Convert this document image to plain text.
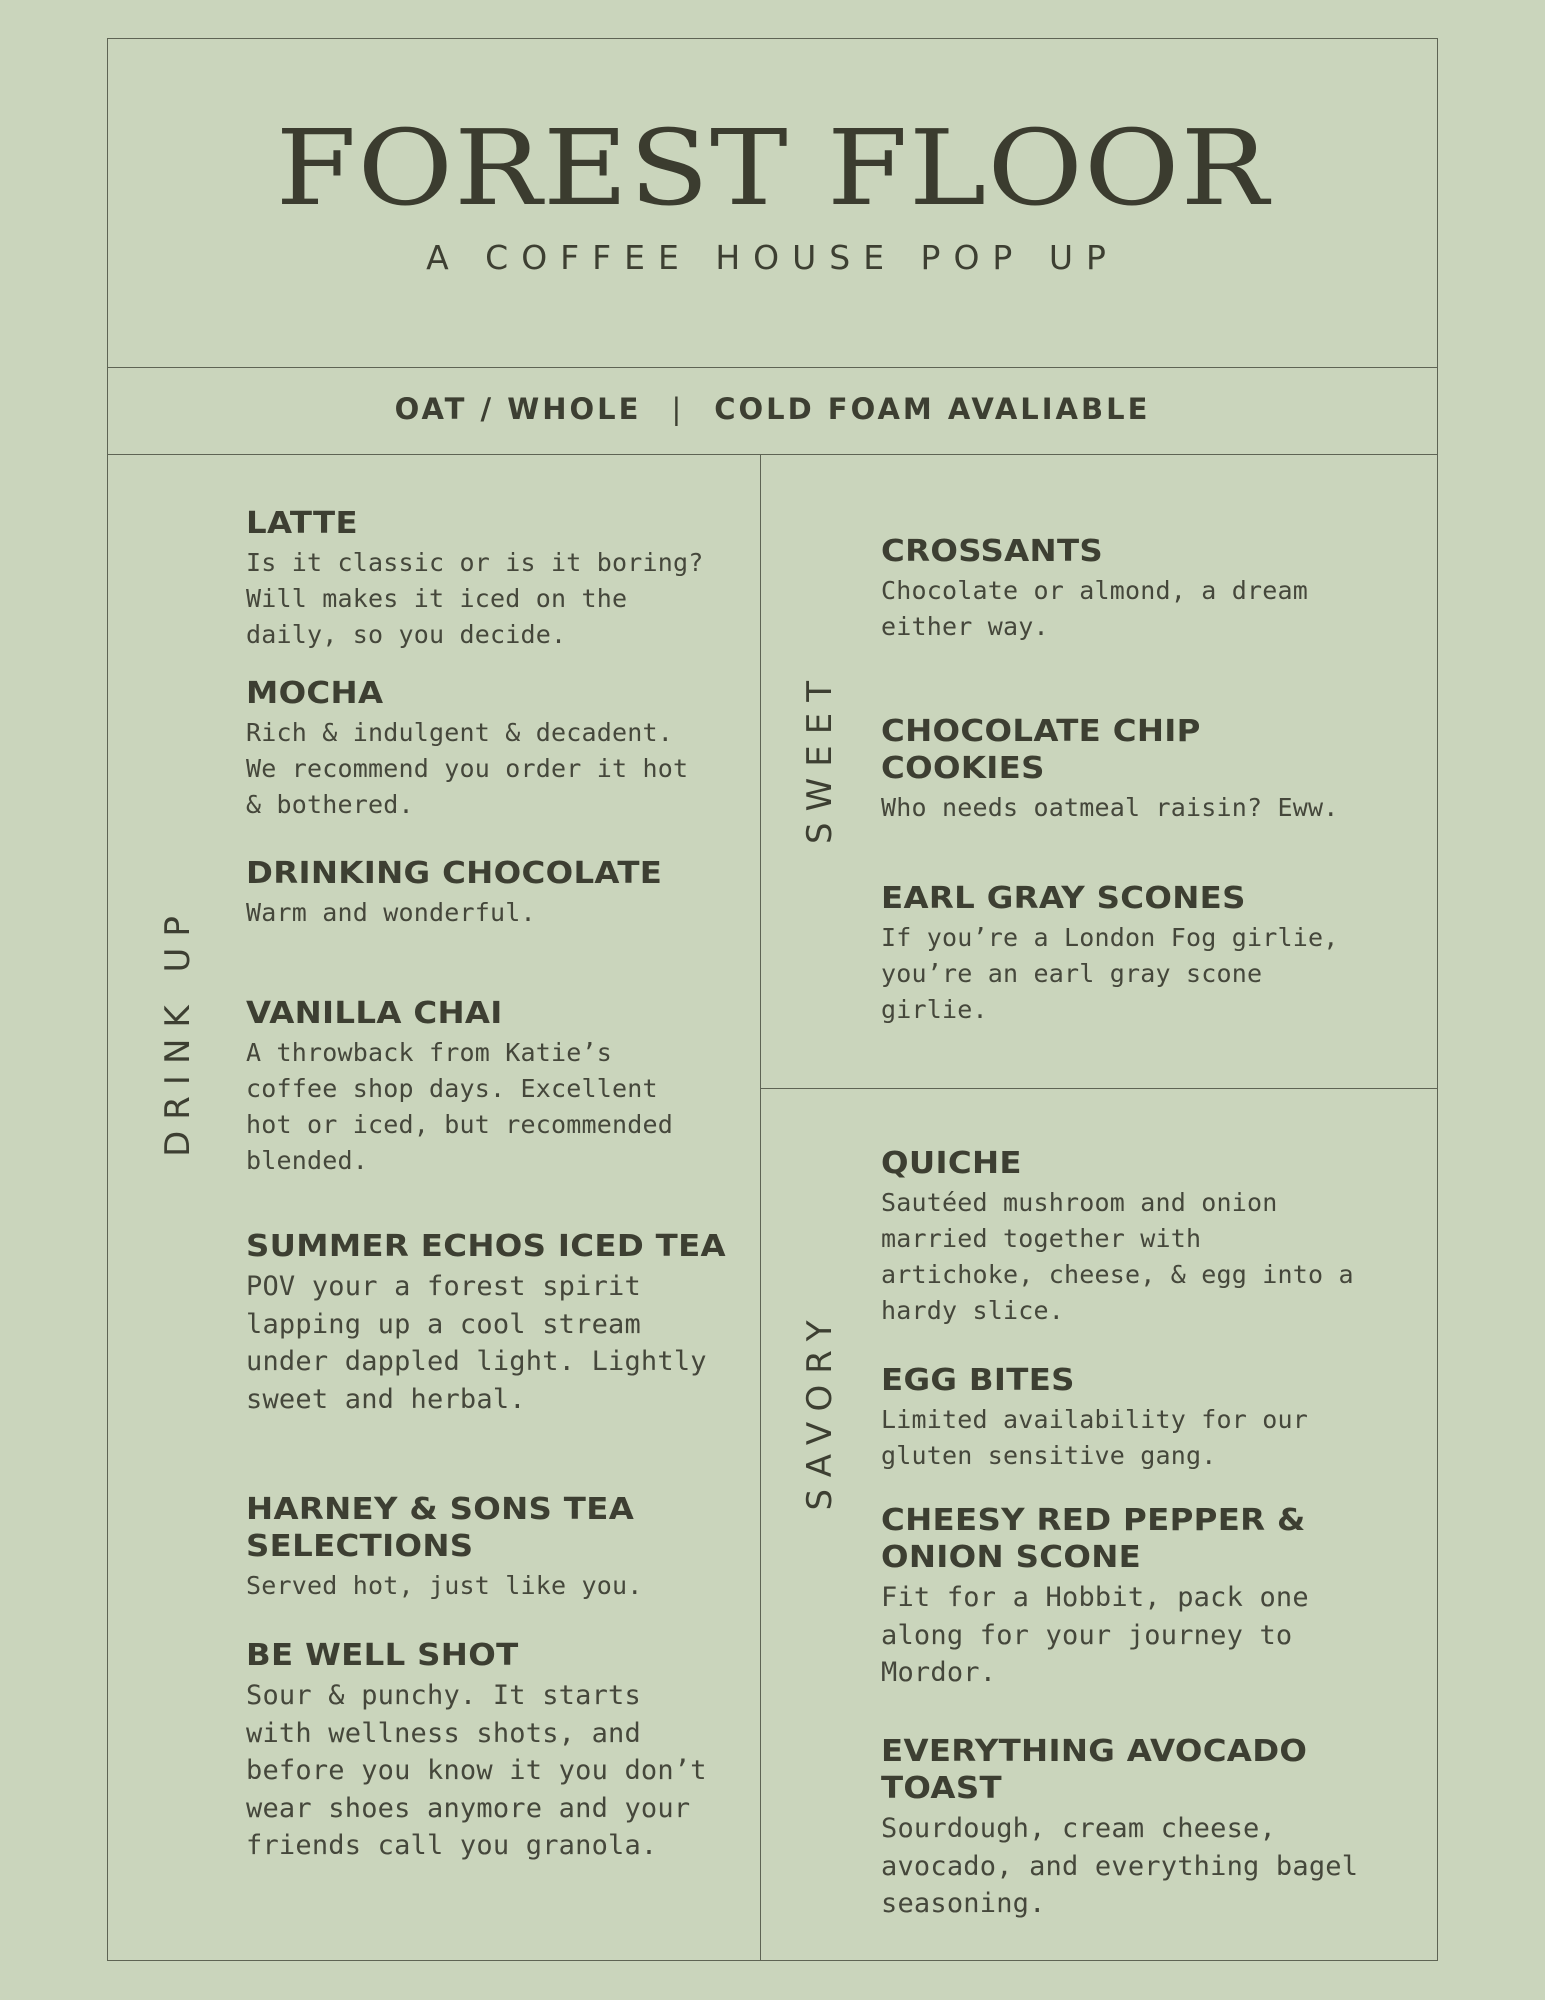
FOREST FLOOR
A COFFEE HOUSE POP UP
OAT / WHOLE | COLD FOAM AVALIABLE
DRINK UP
SWEET
SAVORY
LATTE

Is it classic or is it boring?
Will makes it iced on the
daily, so you decide.

MOCHA

Rich & indulgent & decadent.
We recommend you order it hot
& bothered.

DRINKING CHOCOLATE

Warm and wonderful.

VANILLA CHAI

A throwback from Katie’s
coffee shop days. Excellent
hot or iced, but recommended
blended.

SUMMER ECHOS ICED TEA

POV your a forest spirit
lapping up a cool stream
under dappled light. Lightly
sweet and herbal.

HARNEY & SONS TEA SELECTIONS

Served hot, just like you.

BE WELL SHOT

Sour & punchy. It starts
with wellness shots, and
before you know it you don’t
wear shoes anymore and your
friends call you granola.

CROSSANTS

Chocolate or almond, a dream
either way.

CHOCOLATE CHIP COOKIES

Who needs oatmeal raisin? Eww.

EARL GRAY SCONES

If you’re a London Fog girlie,
you’re an earl gray scone
girlie.

QUICHE

Sautéed mushroom and onion
married together with
artichoke, cheese, & egg into a
hardy slice.

EGG BITES

Limited availability for our
gluten sensitive gang.

CHEESY RED PEPPER & ONION SCONE

Fit for a Hobbit, pack one
along for your journey to
Mordor.

EVERYTHING AVOCADO TOAST

Sourdough, cream cheese,
avocado, and everything bagel
seasoning.
